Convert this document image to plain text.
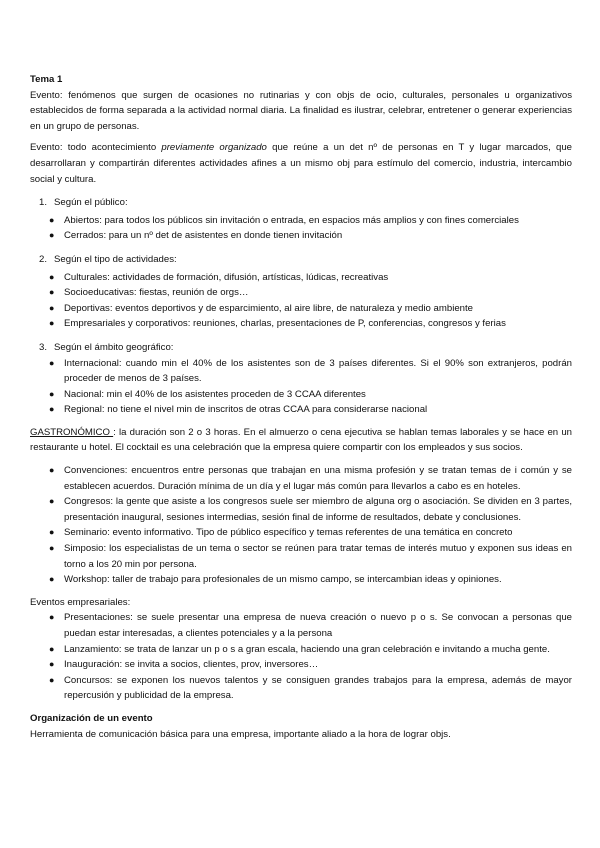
Tema 1

Evento: fenómenos que surgen de ocasiones no rutinarias y con objs de ocio, culturales, personales u organizativos establecidos de forma separada a la actividad normal diaria. La finalidad es ilustrar, celebrar, entretener o generar experiencias en un grupo de personas.

Evento: todo acontecimiento previamente organizado que reúne a un det nº de personas en T y lugar marcados, que desarrollaran y compartirán diferentes actividades afines a un mismo obj para estímulo del comercio, industria, intercambio social y cultura.

1. Según el público:
● Abiertos: para todos los públicos sin invitación o entrada, en espacios más amplios y con fines comerciales
● Cerrados: para un nº det de asistentes en donde tienen invitación
2. Según el tipo de actividades:
● Culturales: actividades de formación, difusión, artísticas, lúdicas, recreativas
● Socioeducativas: fiestas, reunión de orgs…
● Deportivas: eventos deportivos y de esparcimiento, al aire libre, de naturaleza y medio ambiente
● Empresariales y corporativos: reuniones, charlas, presentaciones de P, conferencias, congresos y ferias
3. Según el ámbito geográfico:
● Internacional: cuando min el 40% de los asistentes son de 3 países diferentes. Si el 90% son extranjeros, podrán proceder de menos de 3 países.
● Nacional: min el 40% de los asistentes proceden de 3 CCAA diferentes
● Regional: no tiene el nivel min de inscritos de otras CCAA para considerarse nacional

GASTRONÓMICO : la duración son 2 o 3 horas. En el almuerzo o cena ejecutiva se hablan temas laborales y se hace en un restaurante u hotel. El cocktail es una celebración que la empresa quiere compartir con los empleados y sus socios.

● Convenciones: encuentros entre personas que trabajan en una misma profesión y se tratan temas de i común y se establecen acuerdos. Duración mínima de un día y el lugar más común para llevarlos a cabo es en hoteles.
● Congresos: la gente que asiste a los congresos suele ser miembro de alguna org o asociación. Se dividen en 3 partes, presentación inaugural, sesiones intermedias, sesión final de informe de resultados, debate y conclusiones.
● Seminario: evento informativo. Tipo de público específico y temas referentes de una temática en concreto
● Simposio: los especialistas de un tema o sector se reúnen para tratar temas de interés mutuo y exponen sus ideas en torno a los 20 min por persona.
● Workshop: taller de trabajo para profesionales de un mismo campo, se intercambian ideas y opiniones.

Eventos empresariales:

● Presentaciones: se suele presentar una empresa de nueva creación o nuevo p o s. Se convocan a personas que puedan estar interesadas, a clientes potenciales y a la persona
● Lanzamiento: se trata de lanzar un p o s a gran escala, haciendo una gran celebración e invitando a mucha gente.
● Inauguración: se invita a socios, clientes, prov, inversores…
● Concursos: se exponen los nuevos talentos y se consiguen grandes trabajos para la empresa, además de mayor repercusión y publicidad de la empresa.

Organización de un evento

Herramienta de comunicación básica para una empresa, importante aliado a la hora de lograr objs.
